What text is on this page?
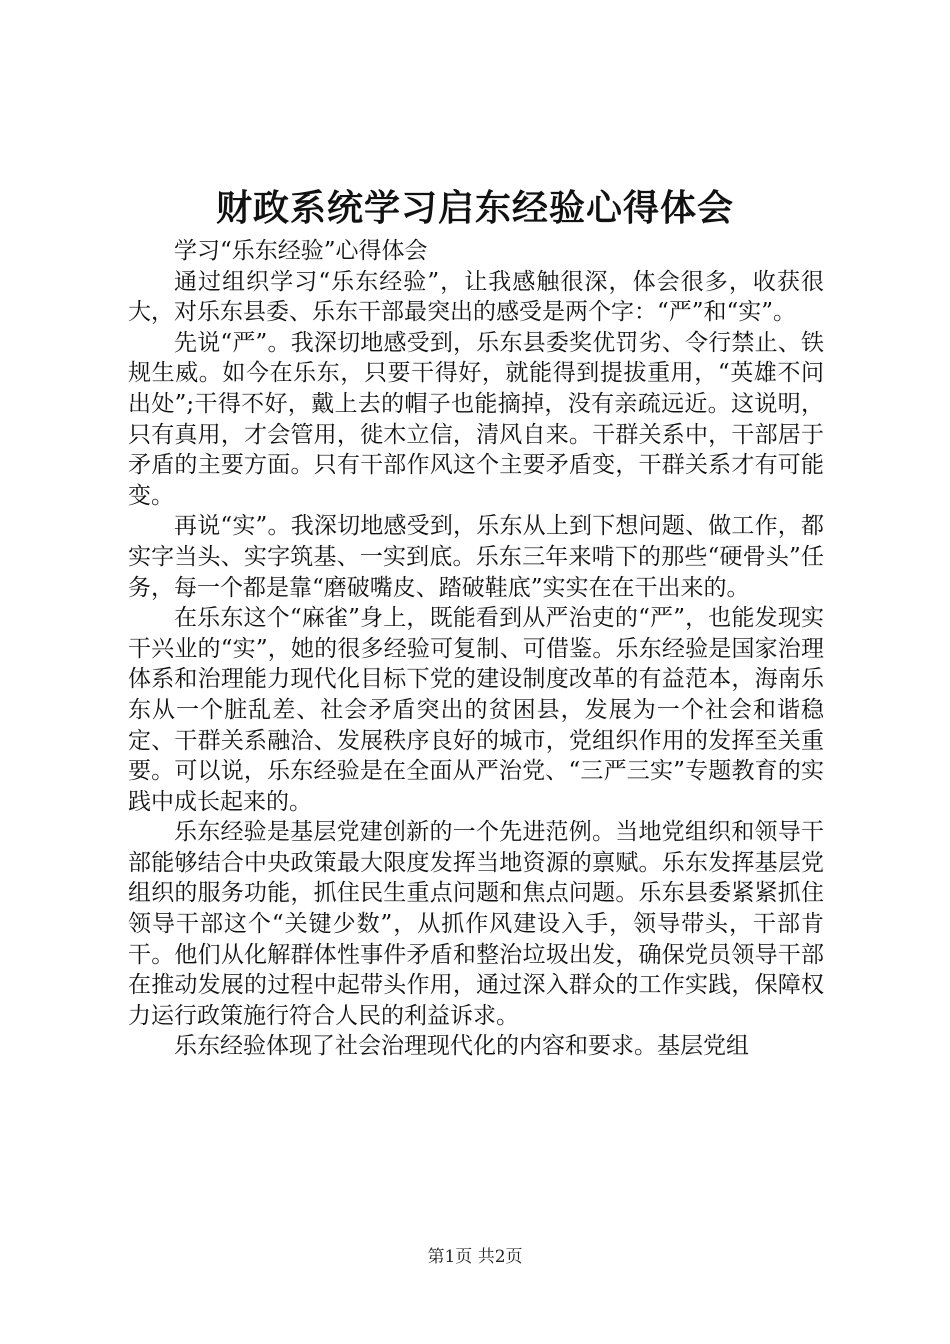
财政系统学习启东经验心得体会

学习“乐东经验”心得体会

通过组织学习“乐东经验”，让我感触很深，体会很多，收获很大，对乐东县委、乐东干部最突出的感受是两个字：“严”和“实”。

先说“严”。我深切地感受到，乐东县委奖优罚劣、令行禁止、铁规生威。如今在乐东，只要干得好，就能得到提拔重用，“英雄不问出处”;干得不好，戴上去的帽子也能摘掉，没有亲疏远近。这说明，只有真用，才会管用，徙木立信，清风自来。干群关系中，干部居于矛盾的主要方面。只有干部作风这个主要矛盾变，干群关系才有可能变。

再说“实”。我深切地感受到，乐东从上到下想问题、做工作，都实字当头、实字筑基、一实到底。乐东三年来啃下的那些“硬骨头”任务，每一个都是靠“磨破嘴皮、踏破鞋底”实实在在干出来的。

在乐东这个“麻雀”身上，既能看到从严治吏的“严”，也能发现实干兴业的“实”，她的很多经验可复制、可借鉴。乐东经验是国家治理体系和治理能力现代化目标下党的建设制度改革的有益范本，海南乐东从一个脏乱差、社会矛盾突出的贫困县，发展为一个社会和谐稳定、干群关系融洽、发展秩序良好的城市，党组织作用的发挥至关重要。可以说，乐东经验是在全面从严治党、“三严三实”专题教育的实践中成长起来的。

乐东经验是基层党建创新的一个先进范例。当地党组织和领导干部能够结合中央政策最大限度发挥当地资源的禀赋。乐东发挥基层党组织的服务功能，抓住民生重点问题和焦点问题。乐东县委紧紧抓住领导干部这个“关键少数”，从抓作风建设入手，领导带头，干部肯干。他们从化解群体性事件矛盾和整治垃圾出发，确保党员领导干部在推动发展的过程中起带头作用，通过深入群众的工作实践，保障权力运行政策施行符合人民的利益诉求。

乐东经验体现了社会治理现代化的内容和要求。基层党组

第1页 共2页
